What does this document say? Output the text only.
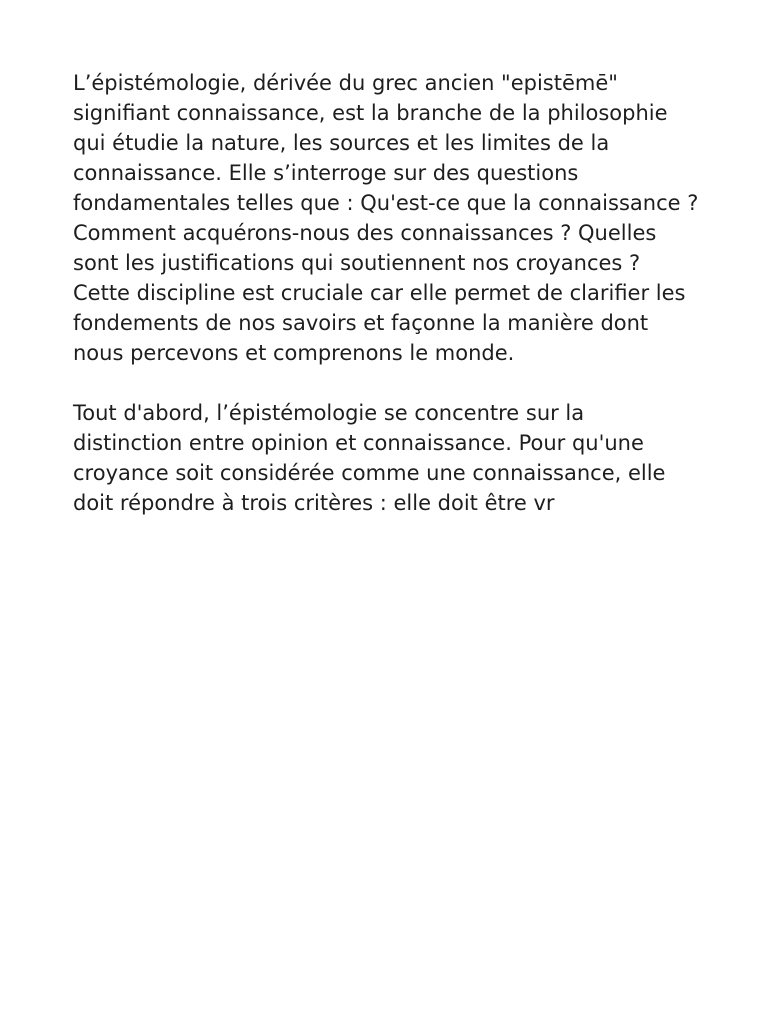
L’épistémologie, dérivée du grec ancien "epistēmē"
signifiant connaissance, est la branche de la philosophie
qui étudie la nature, les sources et les limites de la
connaissance. Elle s’interroge sur des questions
fondamentales telles que : Qu'est-ce que la connaissance ?
Comment acquérons-nous des connaissances ? Quelles
sont les justifications qui soutiennent nos croyances ?
Cette discipline est cruciale car elle permet de clarifier les
fondements de nos savoirs et façonne la manière dont
nous percevons et comprenons le monde.

Tout d'abord, l’épistémologie se concentre sur la
distinction entre opinion et connaissance. Pour qu'une
croyance soit considérée comme une connaissance, elle
doit répondre à trois critères : elle doit être vr
